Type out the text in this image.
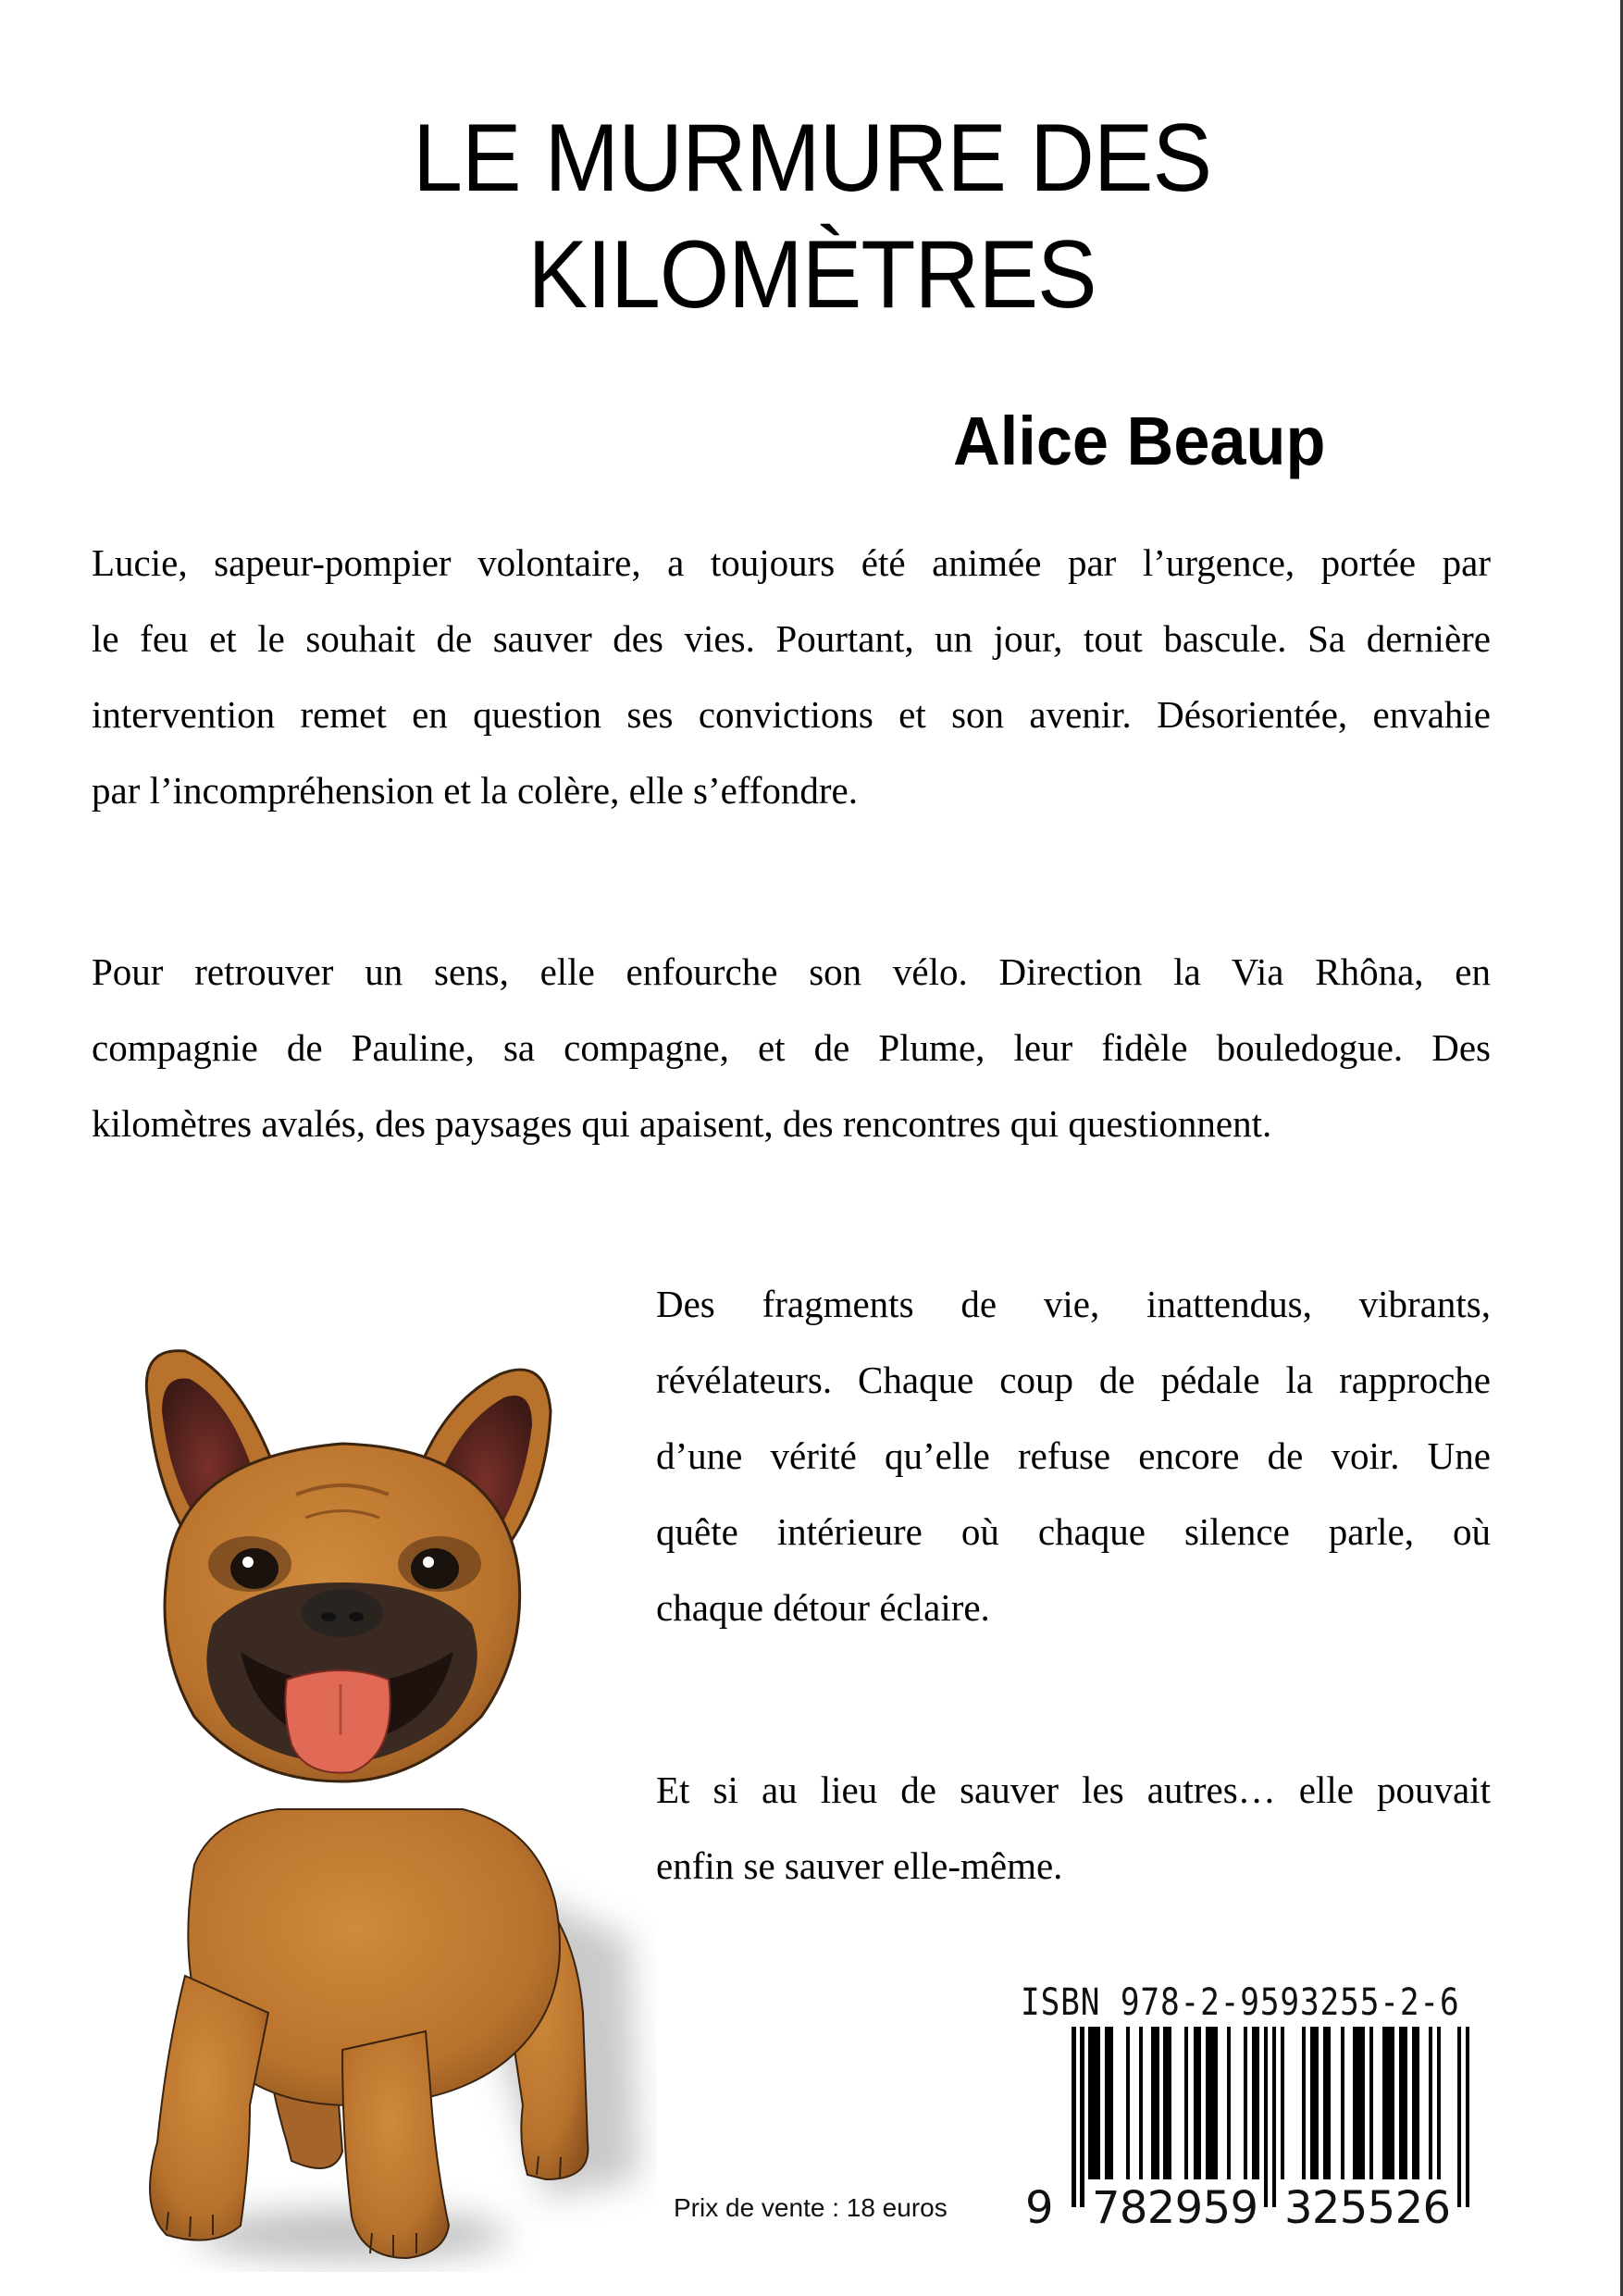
LE MURMURE DES
KILOMÈTRES
Alice Beaup

Lucie, sapeur-pompier volontaire, a toujours été animée par l’urgence, portée par
le feu et le souhait de sauver des vies. Pourtant, un jour, tout bascule. Sa dernière
intervention remet en question ses convictions et son avenir. Désorientée, envahie
par l’incompréhension et la colère, elle s’effondre.

Pour retrouver un sens, elle enfourche son vélo. Direction la Via Rhôna, en
compagnie de Pauline, sa compagne, et de Plume, leur fidèle bouledogue. Des
kilomètres avalés, des paysages qui apaisent, des rencontres qui questionnent.

Des fragments de vie, inattendus, vibrants,
révélateurs. Chaque coup de pédale la rapproche
d’une vérité qu’elle refuse encore de voir. Une
quête intérieure où chaque silence parle, où
chaque détour éclaire.

Et si au lieu de sauver les autres… elle pouvait
enfin se sauver elle-même.

ISBN 978-2-9593255-2-6
9 782959 325526
Prix de vente : 18 euros
